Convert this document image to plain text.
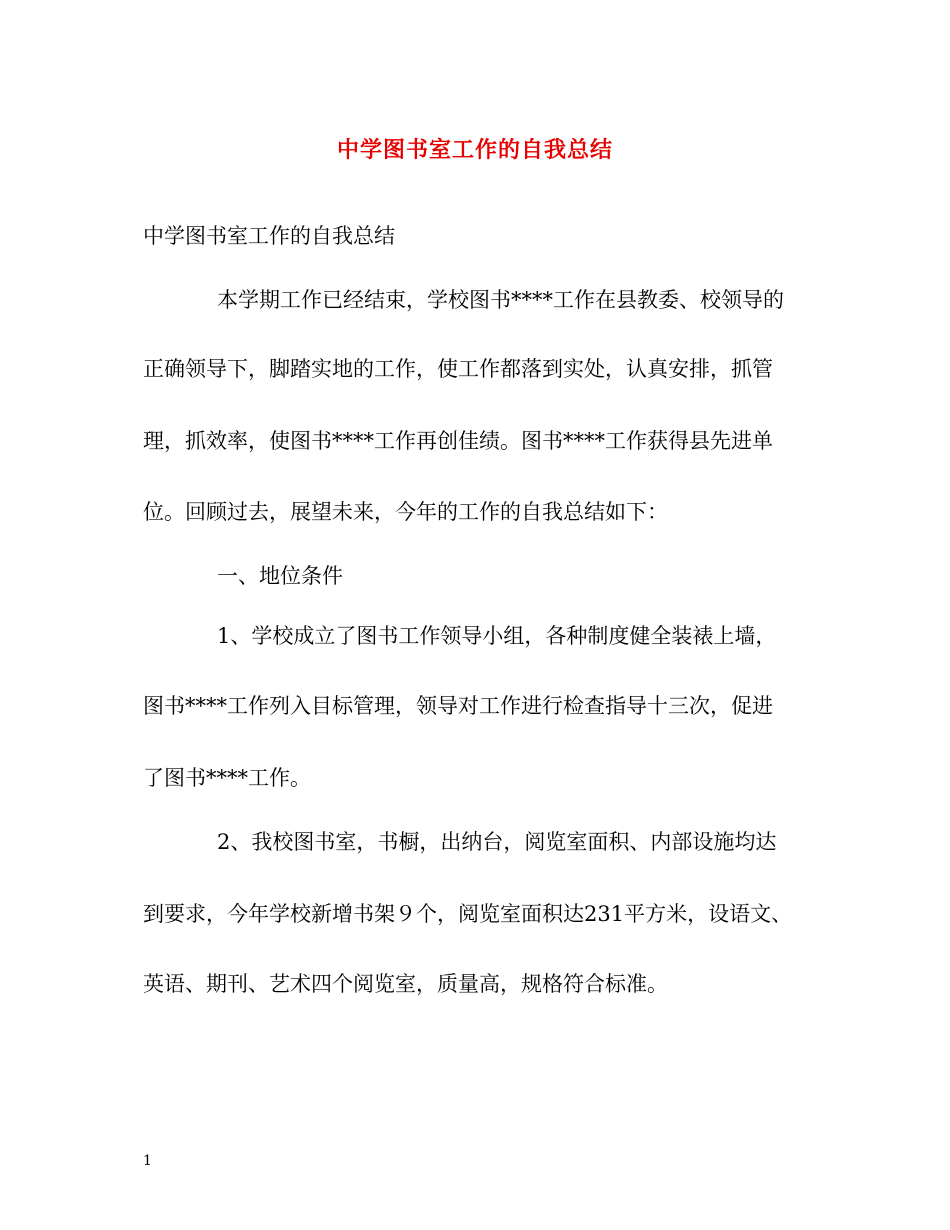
中学图书室工作的自我总结
中学图书室工作的自我总结
本学期工作已经结束，学校图书****工作在县教委、校领导的
正确领导下，脚踏实地的工作，使工作都落到实处，认真安排，抓管
理，抓效率，使图书****工作再创佳绩。图书****工作获得县先进单
位。回顾过去，展望未来，今年的工作的自我总结如下：
一、地位条件
1、学校成立了图书工作领导小组，各种制度健全装裱上墙，
图书****工作列入目标管理，领导对工作进行检查指导十三次，促进
了图书****工作。
2、我校图书室，书橱，出纳台，阅览室面积、内部设施均达
到要求，今年学校新增书架９个，阅览室面积达231平方米，设语文、
英语、期刊、艺术四个阅览室，质量高，规格符合标准。
1
